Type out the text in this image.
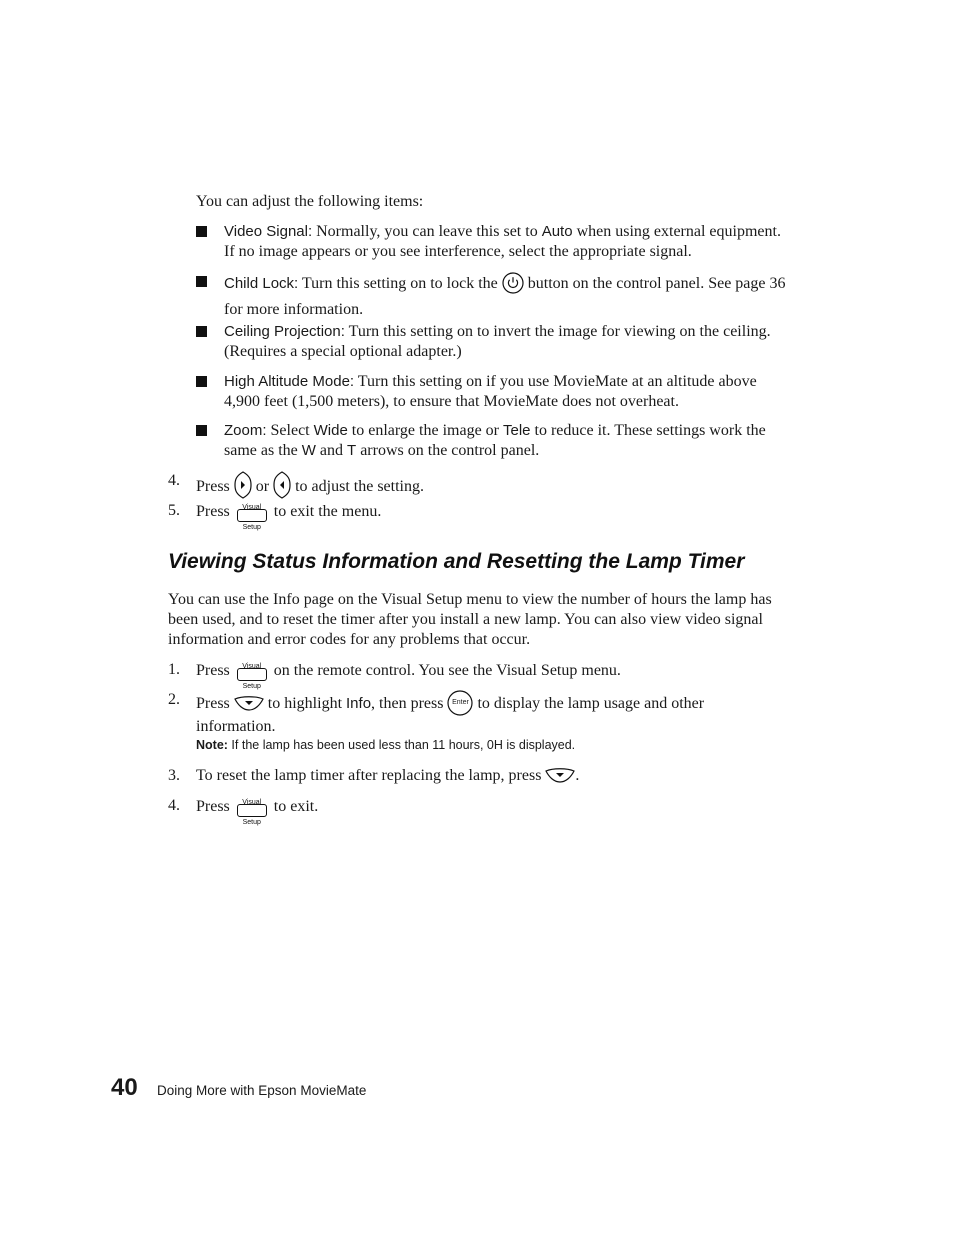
You can adjust the following items:
Video Signal: Normally, you can leave this set to Auto when using external equipment. If no image appears or you see interference, select the appropriate signal.
Child Lock: Turn this setting on to lock the  button on the control panel. See page 36 for more information.
Ceiling Projection: Turn this setting on to invert the image for viewing on the ceiling. (Requires a special optional adapter.)
High Altitude Mode: Turn this setting on if you use MovieMate at an altitude above 4,900 feet (1,500 meters), to ensure that MovieMate does not overheat.
Zoom: Select Wide to enlarge the image or Tele to reduce it. These settings work the same as the W and T arrows on the control panel.
4. Press or to adjust the setting.
5. Press	Visual Setup
to exit the menu.
Viewing Status Information and Resetting the Lamp Timer
You can use the Info page on the Visual Setup menu to view the number of hours the lamp has been used, and to reset the timer after you install a new lamp. You can also view video signal information and error codes for any problems that occur.
1. Press	Visual Setup
on the remote control. You see the Visual Setup menu.
2. Press to highlight Info, then press	Enter to display the lamp usage and other information.
Note: If the lamp has been used less than 11 hours, 0H is displayed.
3. To reset the lamp timer after replacing the lamp, press .
4. Press	Visual Setup
to exit.
40 Doing More with Epson MovieMate
